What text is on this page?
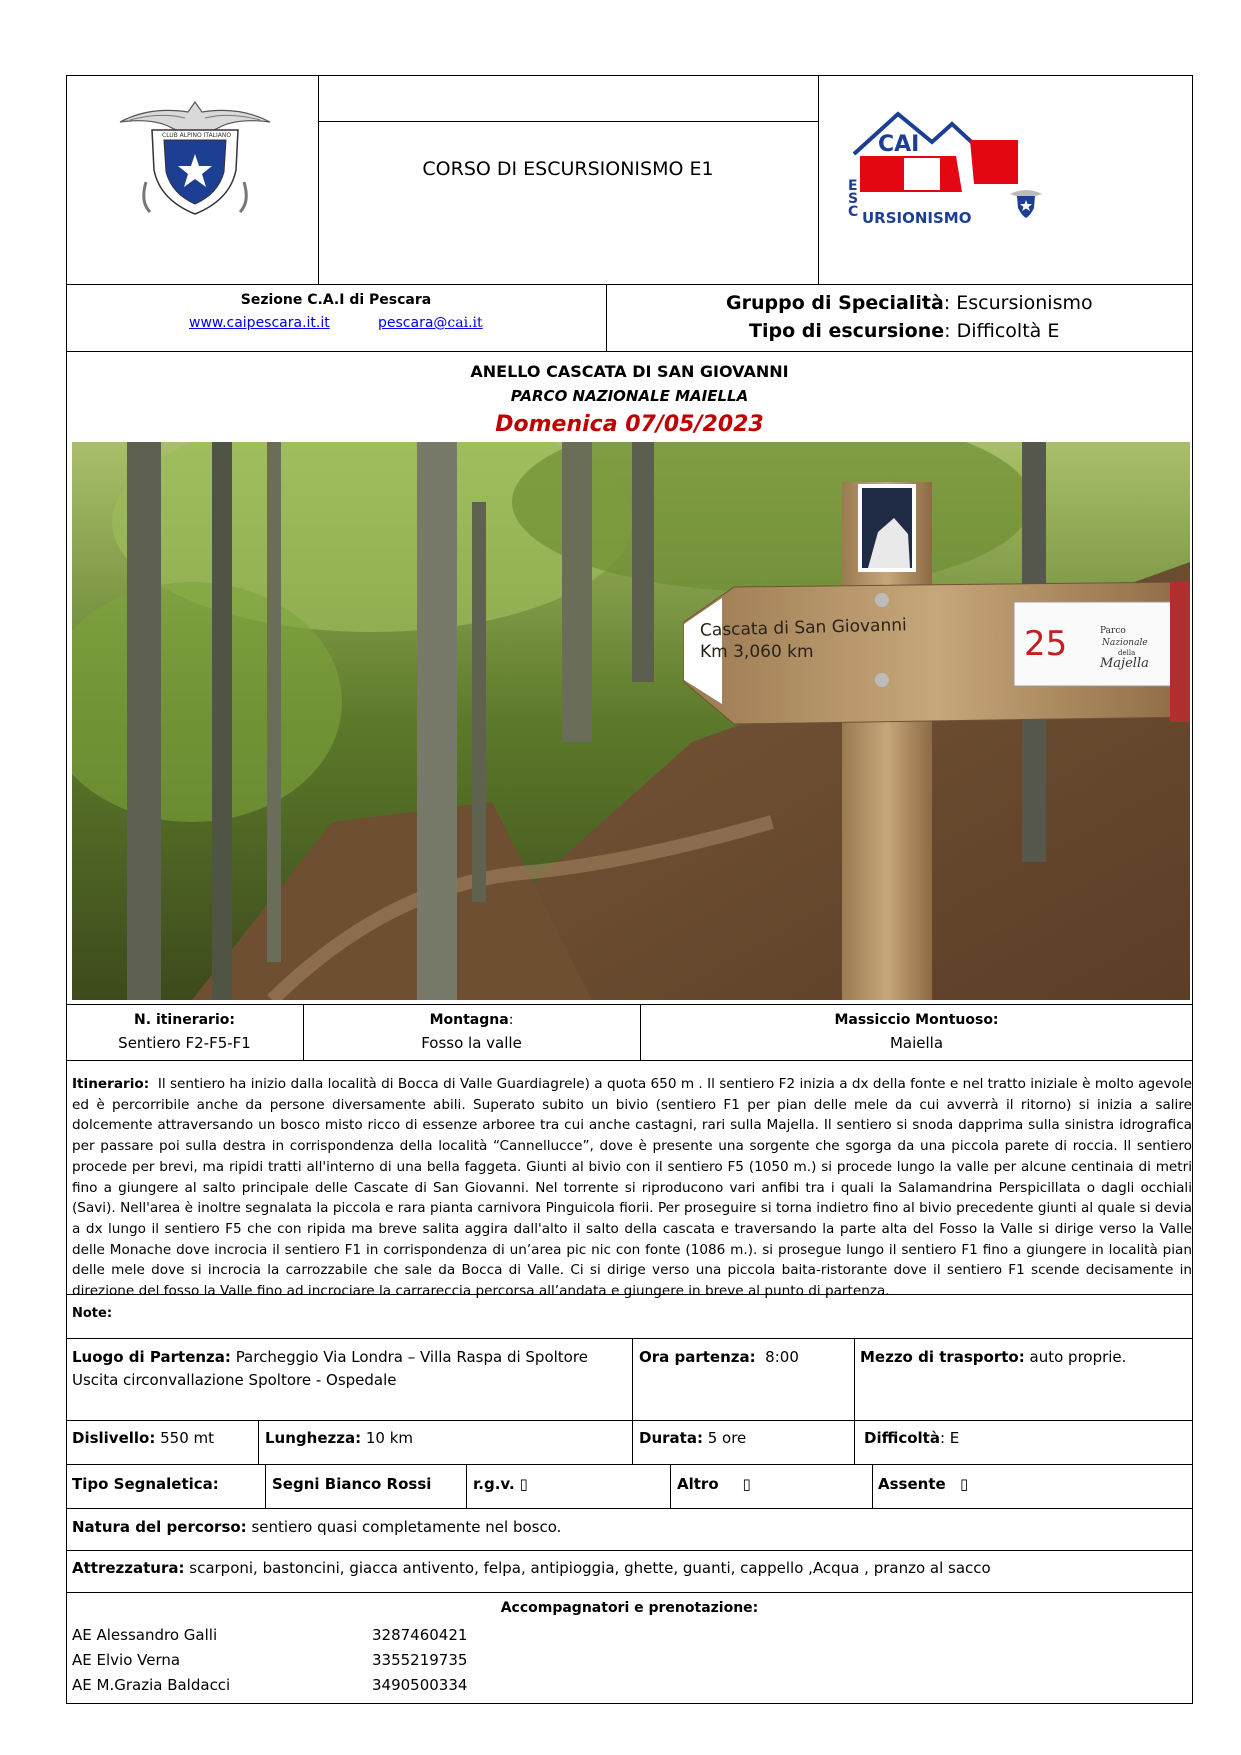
CLUB ALPINO ITALIANO
CORSO DI ESCURSIONISMO E1
CAI
E
S
C URSIONISMO
Sezione C.A.I di Pescara
www.caipescara.it.it	pescara@cai.it
Gruppo di Specialità: Escursionismo
Tipo di escursione: Difficoltà E
ANELLO CASCATA DI SAN GIOVANNI
PARCO NAZIONALE MAIELLA
Domenica 07/05/2023
Cascata di San Giovanni
Km 3,060 km	25	Parco
Nazionale
della
Majella
N. itinerario:
Sentiero F2-F5-F1
Montagna:
Fosso la valle
Massiccio Montuoso:
Maiella
Itinerario: Il sentiero ha inizio dalla località di Bocca di Valle Guardiagrele) a quota 650 m . Il sentiero F2 inizia a dx della fonte e nel tratto iniziale è molto agevole ed è percorribile anche da persone diversamente abili. Superato subito un bivio (sentiero F1 per pian delle mele da cui avverrà il ritorno) si inizia a salire dolcemente attraversando un bosco misto ricco di essenze arboree tra cui anche castagni, rari sulla Majella. Il sentiero si snoda dapprima sulla sinistra idrografica per passare poi sulla destra in corrispondenza della località “Cannellucce”, dove è presente una sorgente che sgorga da una piccola parete di roccia. Il sentiero procede per brevi, ma ripidi tratti all'interno di una bella faggeta. Giunti al bivio con il sentiero F5 (1050 m.) si procede lungo la valle per alcune centinaia di metri fino a giungere al salto principale delle Cascate di San Giovanni. Nel torrente si riproducono vari anfibi tra i quali la Salamandrina Perspicillata o dagli occhiali (Savi). Nell'area è inoltre segnalata la piccola e rara pianta carnivora Pinguicola fiorii. Per proseguire si torna indietro fino al bivio precedente giunti al quale si devia a dx lungo il sentiero F5 che con ripida ma breve salita aggira dall'alto il salto della cascata e traversando la parte alta del Fosso la Valle si dirige verso la Valle delle Monache dove incrocia il sentiero F1 in corrispondenza di un’area pic nic con fonte (1086 m.). si prosegue lungo il sentiero F1 fino a giungere in località pian delle mele dove si incrocia la carrozzabile che sale da Bocca di Valle. Ci si dirige verso una piccola baita-ristorante dove il sentiero F1 scende decisamente in direzione del fosso la Valle fino ad incrociare la carrareccia percorsa all’andata e giungere in breve al punto di partenza.
Note:
Luogo di Partenza: Parcheggio Via Londra – Villa Raspa di Spoltore
Uscita circonvallazione Spoltore - Ospedale
Ora partenza: 8:00	Mezzo di trasporto: auto proprie.
Dislivello: 550 mt	Lunghezza: 10 km	Durata: 5 ore	Difficoltà: E
Tipo Segnaletica:	Segni Bianco Rossi	r.g.v. ▯	Altro ▯	Assente ▯
Natura del percorso: sentiero quasi completamente nel bosco.
Attrezzatura: scarponi, bastoncini, giacca antivento, felpa, antipioggia, ghette, guanti, cappello ,Acqua , pranzo al sacco
Accompagnatori e prenotazione:
AE Alessandro Galli	3287460421
AE Elvio Verna	3355219735
AE M.Grazia Baldacci	3490500334
